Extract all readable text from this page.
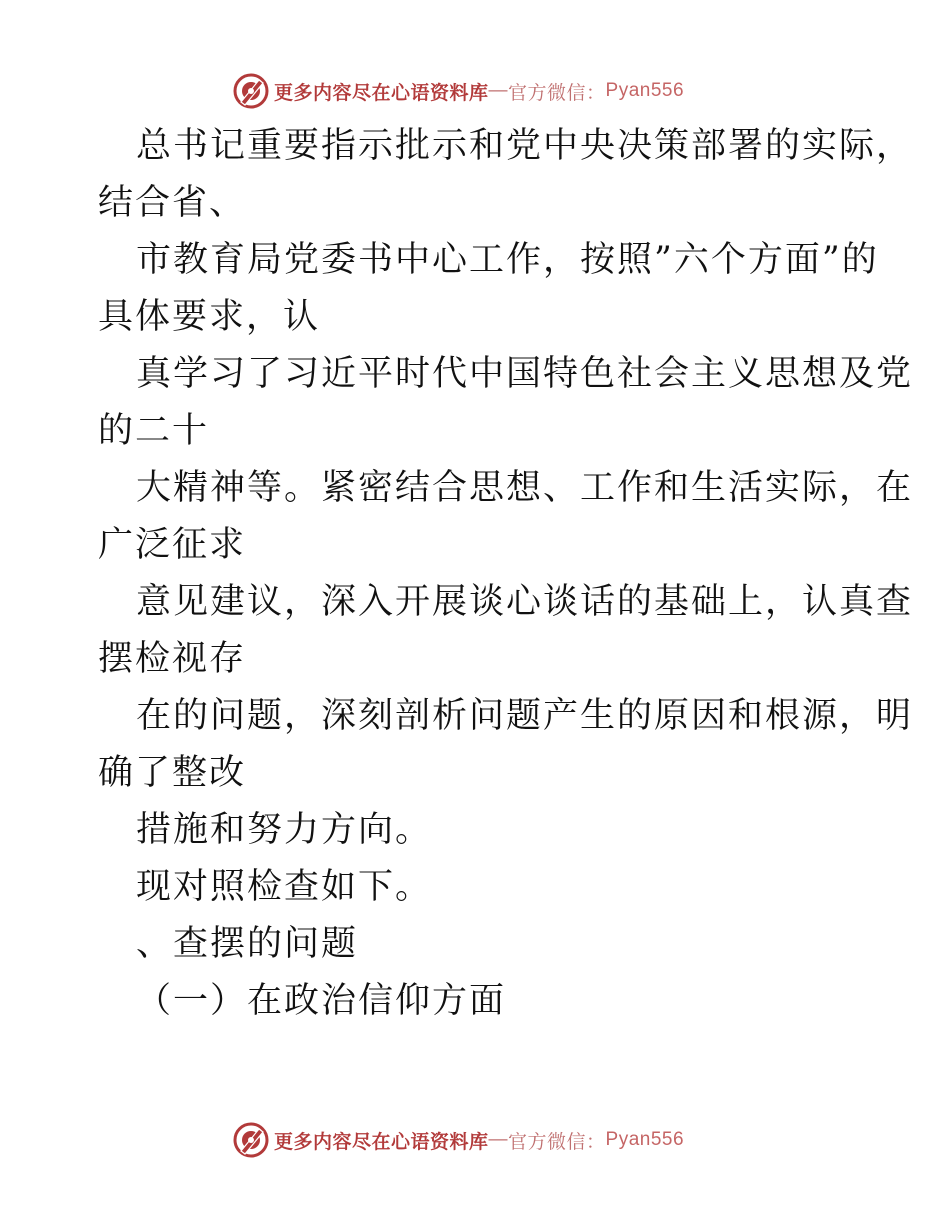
更多内容尽在心语资料库 — 官方微信： Pyan556
总书记重要指示批示和党中央决策部署的实际，
结合省、
市教育局党委书中心工作，按照”六个方面”的
具体要求，认
真学习了习近平时代中国特色社会主义思想及党
的二十
大精神等。紧密结合思想、工作和生活实际，在
广泛征求
意见建议，深入开展谈心谈话的基础上，认真查
摆检视存
在的问题，深刻剖析问题产生的原因和根源，明
确了整改
措施和努力方向。
现对照检查如下。
、查摆的问题
（一）在政治信仰方面
更多内容尽在心语资料库 — 官方微信： Pyan556
